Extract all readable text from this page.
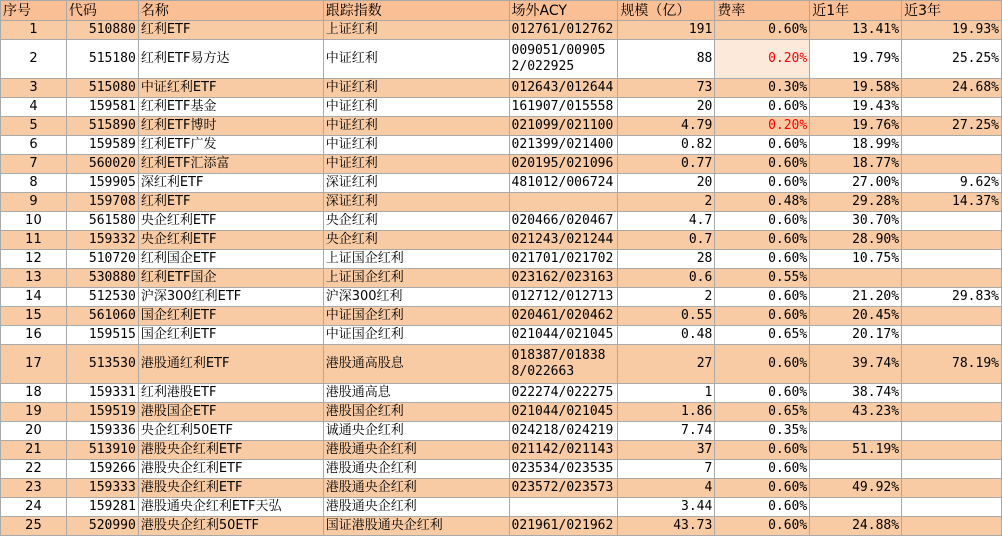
序号	代码	名称	跟踪指数	场外ACY	规模（亿）	费率	近1年	近3年
1	510880	红利ETF	上证红利	012761/012762	191	0.60%	13.41%	19.93%
2	515180	红利ETF易方达	中证红利	009051/009052/022925	88	0.20%	19.79%	25.25%
3	515080	中证红利ETF	中证红利	012643/012644	73	0.30%	19.58%	24.68%
4	159581	红利ETF基金	中证红利	161907/015558	20	0.60%	19.43%	
5	515890	红利ETF博时	中证红利	021099/021100	4.79	0.20%	19.76%	27.25%
6	159589	红利ETF广发	中证红利	021399/021400	0.82	0.60%	18.99%	
7	560020	红利ETF汇添富	中证红利	020195/021096	0.77	0.60%	18.77%	
8	159905	深红利ETF	深证红利	481012/006724	20	0.60%	27.00%	9.62%
9	159708	红利ETF	深证红利		2	0.48%	29.28%	14.37%
10	561580	央企红利ETF	央企红利	020466/020467	4.7	0.60%	30.70%	
11	159332	央企红利ETF	央企红利	021243/021244	0.7	0.60%	28.90%	
12	510720	红利国企ETF	上证国企红利	021701/021702	28	0.60%	10.75%	
13	530880	红利ETF国企	上证国企红利	023162/023163	0.6	0.55%		
14	512530	沪深300红利ETF	沪深300红利	012712/012713	2	0.60%	21.20%	29.83%
15	561060	国企红利ETF	中证国企红利	020461/020462	0.55	0.60%	20.45%	
16	159515	国企红利ETF	中证国企红利	021044/021045	0.48	0.65%	20.17%	
17	513530	港股通红利ETF	港股通高股息	018387/018388/022663	27	0.60%	39.74%	78.19%
18	159331	红利港股ETF	港股通高息	022274/022275	1	0.60%	38.74%	
19	159519	港股国企ETF	港股国企红利	021044/021045	1.86	0.65%	43.23%	
20	159336	央企红利50ETF	诚通央企红利	024218/024219	7.74	0.35%		
21	513910	港股央企红利ETF	港股通央企红利	021142/021143	37	0.60%	51.19%	
22	159266	港股央企红利ETF	港股通央企红利	023534/023535	7	0.60%		
23	159333	港股央企红利ETF	港股通央企红利	023572/023573	4	0.60%	49.92%	
24	159281	港股通央企红利ETF天弘	港股通央企红利		3.44	0.60%		
25	520990	港股央企红利50ETF	国证港股通央企红利	021961/021962	43.73	0.60%	24.88%	
